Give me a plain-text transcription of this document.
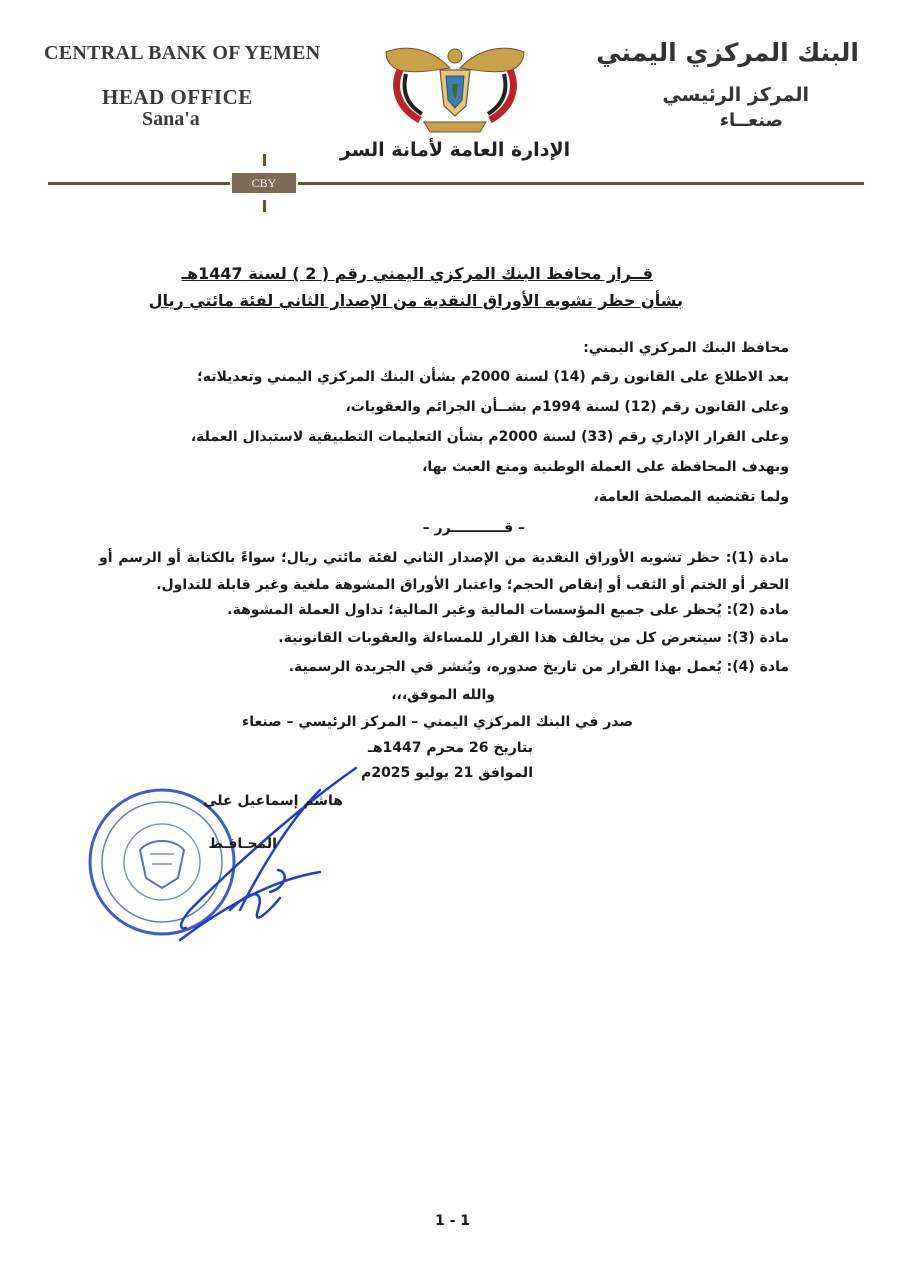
CENTRAL BANK OF YEMEN
HEAD OFFICE
Sana'a
البنك المركزي اليمني
المركز الرئيسي
صنعــاء
الإدارة العامة لأمانة السر
CBY
قــرار محافظ البنك المركزي اليمني رقم ( 2 ) لسنة 1447هـ
بشأن حظر تشويه الأوراق النقدية من الإصدار الثاني لفئة مائتي ريال
محافظ البنك المركزي اليمني:
بعد الاطلاع على القانون رقم (14) لسنة 2000م بشأن البنك المركزي اليمني وتعديلاته؛
وعلى القانون رقم (12) لسنة 1994م بشــأن الجرائم والعقوبات،
وعلى القرار الإداري رقم (33) لسنة 2000م بشأن التعليمات التطبيقية لاستبدال العملة،
وبهدف المحافظة على العملة الوطنية ومنع العبث بها،
ولما تقتضيه المصلحة العامة،
– قـــــــــــرر –
مادة (1): حظر تشويه الأوراق النقدية من الإصدار الثاني لفئة مائتي ريال؛ سواءً بالكتابة أو الرسم أو الحفر أو الختم أو الثقب أو إنقاص الحجم؛ واعتبار الأوراق المشوهة ملغية وغير قابلة للتداول.
مادة (2): يُحظر على جميع المؤسسات المالية وغير المالية؛ تداول العملة المشوهة.
مادة (3): سيتعرض كل من يخالف هذا القرار للمساءلة والعقوبات القانونية.
مادة (4): يُعمل بهذا القرار من تاريخ صدوره، ويُنشر في الجريدة الرسمية.
والله الموفق،،،
صدر في البنك المركزي اليمني – المركز الرئيسي – صنعاء
بتاريخ 26 محرم 1447هـ
الموافق 21 يوليو 2025م
هاشم إسماعيل علي
المحـافـظ
1 - 1
